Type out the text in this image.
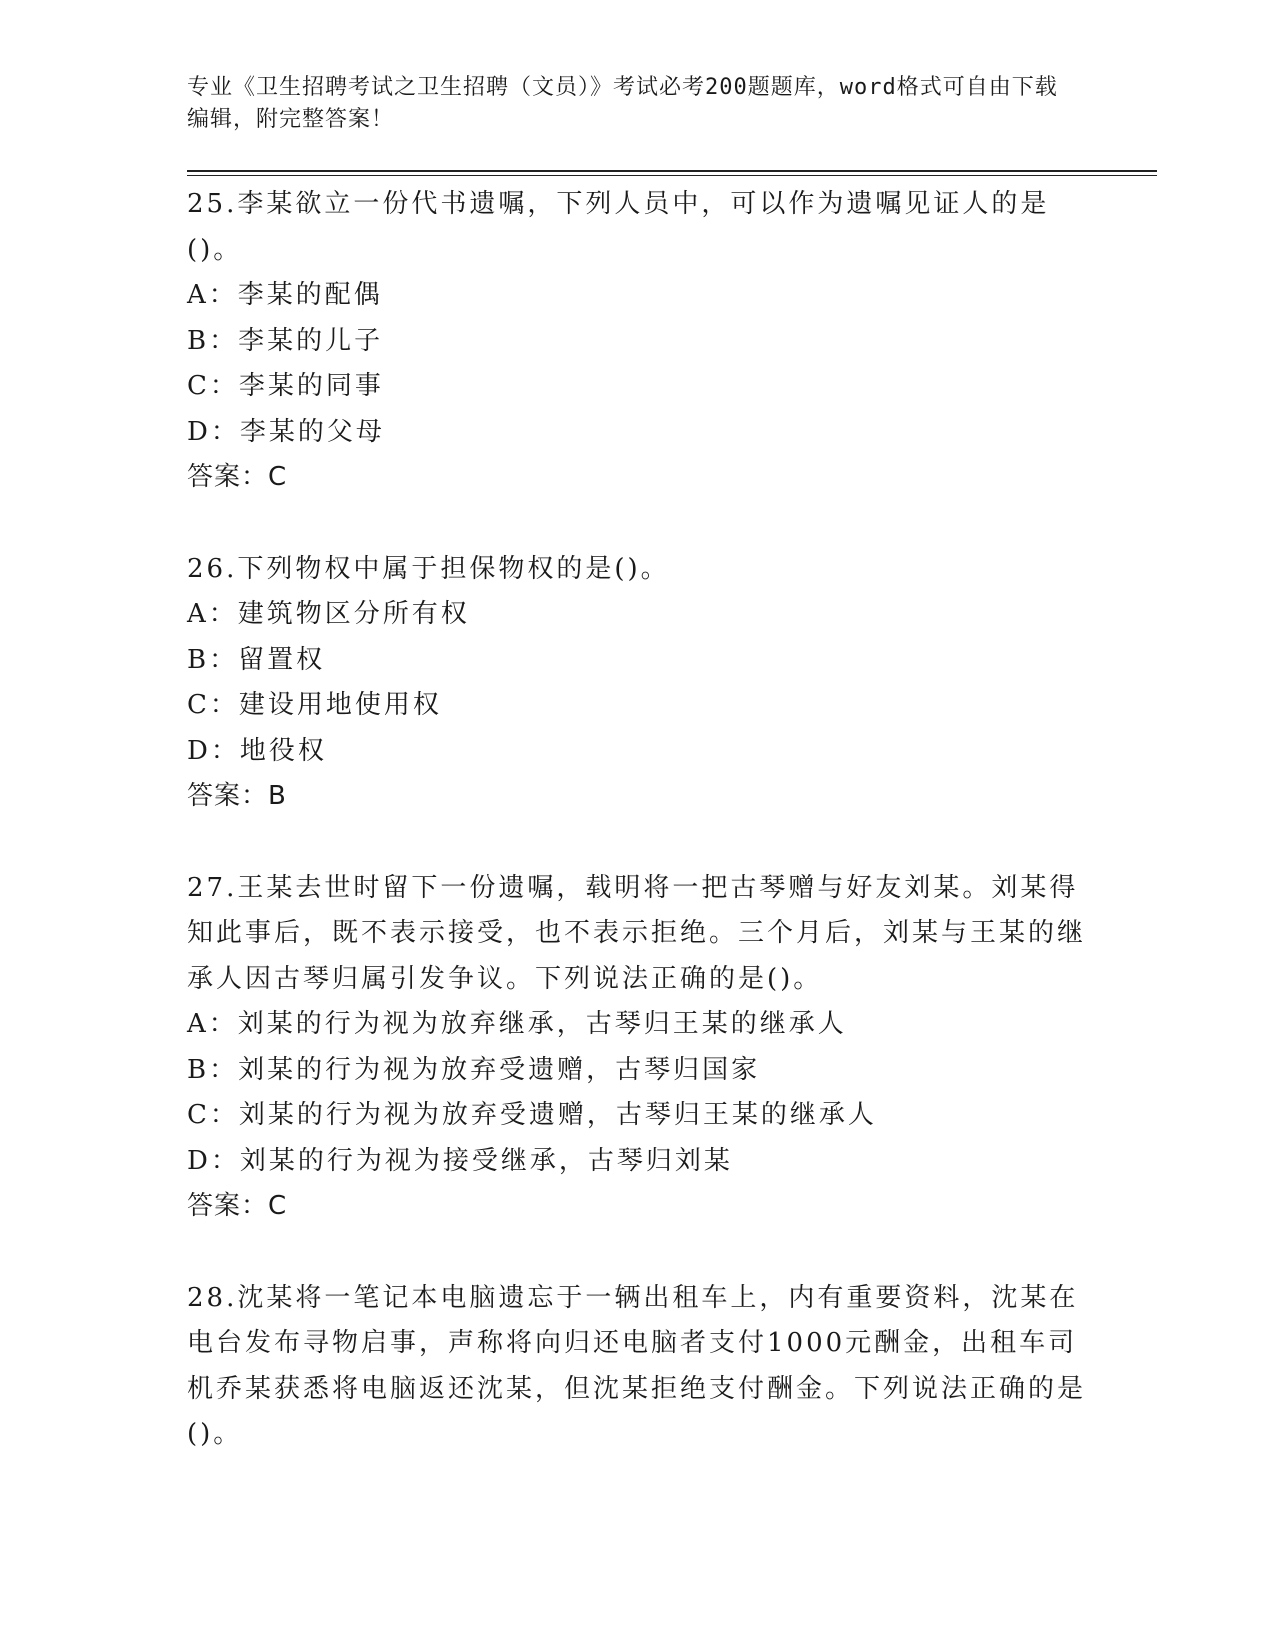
专业《卫生招聘考试之卫生招聘（文员）》考试必考200题题库，word格式可自由下载编辑，附完整答案！

25.李某欲立一份代书遗嘱，下列人员中，可以作为遗嘱见证人的是()。

A：李某的配偶

B：李某的儿子

C：李某的同事

D：李某的父母

答案：C

26.下列物权中属于担保物权的是()。

A：建筑物区分所有权

B：留置权

C：建设用地使用权

D：地役权

答案：B

27.王某去世时留下一份遗嘱，载明将一把古琴赠与好友刘某。刘某得知此事后，既不表示接受，也不表示拒绝。三个月后，刘某与王某的继承人因古琴归属引发争议。下列说法正确的是()。

A：刘某的行为视为放弃继承，古琴归王某的继承人

B：刘某的行为视为放弃受遗赠，古琴归国家

C：刘某的行为视为放弃受遗赠，古琴归王某的继承人

D：刘某的行为视为接受继承，古琴归刘某

答案：C

28.沈某将一笔记本电脑遗忘于一辆出租车上，内有重要资料，沈某在电台发布寻物启事，声称将向归还电脑者支付1000元酬金，出租车司机乔某获悉将电脑返还沈某，但沈某拒绝支付酬金。下列说法正确的是()。
